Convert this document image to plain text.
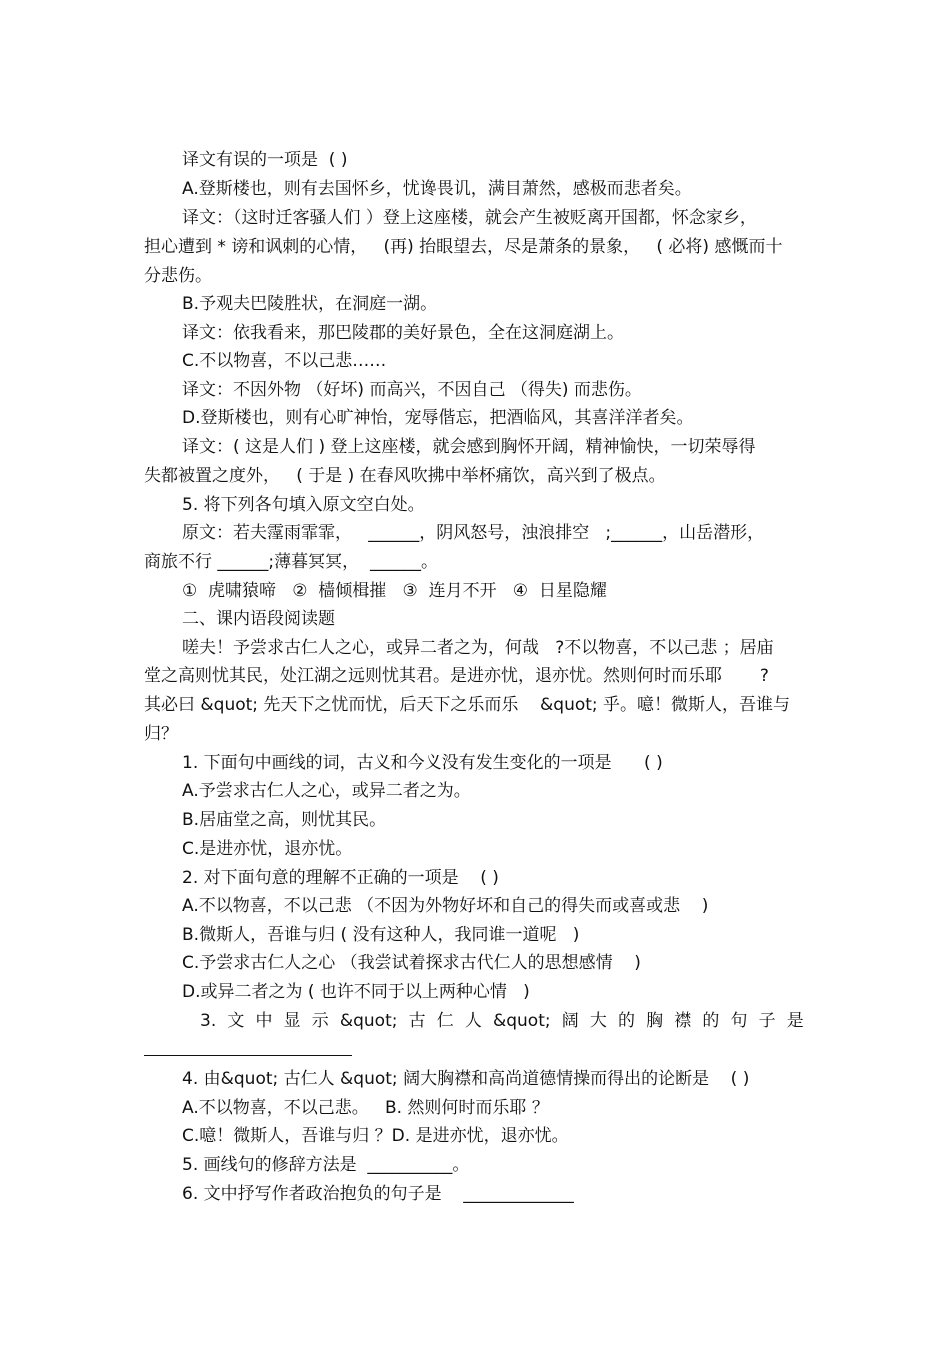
译文有误的一项是  ( )
A.登斯楼也，则有去国怀乡，忧谗畏讥，满目萧然，感极而悲者矣。
译文：（这时迁客骚人们 ）登上这座楼，就会产生被贬离开国都，怀念家乡，
担心遭到 * 谤和讽刺的心情，   (再) 抬眼望去，尽是萧条的景象，   ( 必将) 感慨而十
分悲伤。
B.予观夫巴陵胜状，在洞庭一湖。
译文：依我看来，那巴陵郡的美好景色，全在这洞庭湖上。
C.不以物喜，不以己悲……
译文：不因外物 （好坏) 而高兴，不因自己 （得失) 而悲伤。
D.登斯楼也，则有心旷神怡，宠辱偕忘，把酒临风，其喜洋洋者矣。
译文：( 这是人们 ) 登上这座楼，就会感到胸怀开阔，精神愉快，一切荣辱得
失都被置之度外，   ( 于是 ) 在春风吹拂中举杯痛饮，高兴到了极点。
5. 将下列各句填入原文空白处。
原文：若夫霪雨霏霏，   ______，阴风怒号，浊浪排空   ;______，山岳潜形，
商旅不行 ______;薄暮冥冥，  ______。
①  虎啸猿啼   ②  樯倾楫摧   ③  连月不开   ④  日星隐耀
二、课内语段阅读题
嗟夫！予尝求古仁人之心，或异二者之为，何哉   ?不以物喜，不以己悲 ；居庙
堂之高则忧其民，处江湖之远则忧其君。是进亦忧，退亦忧。然则何时而乐耶       ?
其必曰 &quot; 先天下之忧而忧，后天下之乐而乐    &quot; 乎。噫！微斯人，吾谁与
归？
1. 下面句中画线的词，古义和今义没有发生变化的一项是      ( )
A.予尝求古仁人之心，或异二者之为。
B.居庙堂之高，则忧其民。
C.是进亦忧，退亦忧。
2. 对下面句意的理解不正确的一项是    ( )
A.不以物喜，不以己悲 （不因为外物好坏和自己的得失而或喜或悲    )
B.微斯人，吾谁与归 ( 没有这种人，我同谁一道呢   )
C.予尝求古仁人之心 （我尝试着探求古代仁人的思想感情    )
D.或异二者之为 ( 也许不同于以上两种心情   )
3. 文 中 显 示 &quot; 古 仁 人 &quot; 阔 大 的 胸 襟 的 句 子 是
4. 由&quot; 古仁人 &quot; 阔大胸襟和高尚道德情操而得出的论断是    ( )
A.不以物喜，不以己悲。   B. 然则何时而乐耶 ？
C.噫！微斯人，吾谁与归 ？D. 是进亦忧，退亦忧。
5. 画线句的修辞方法是  __________。
6. 文中抒写作者政治抱负的句子是    _____________
